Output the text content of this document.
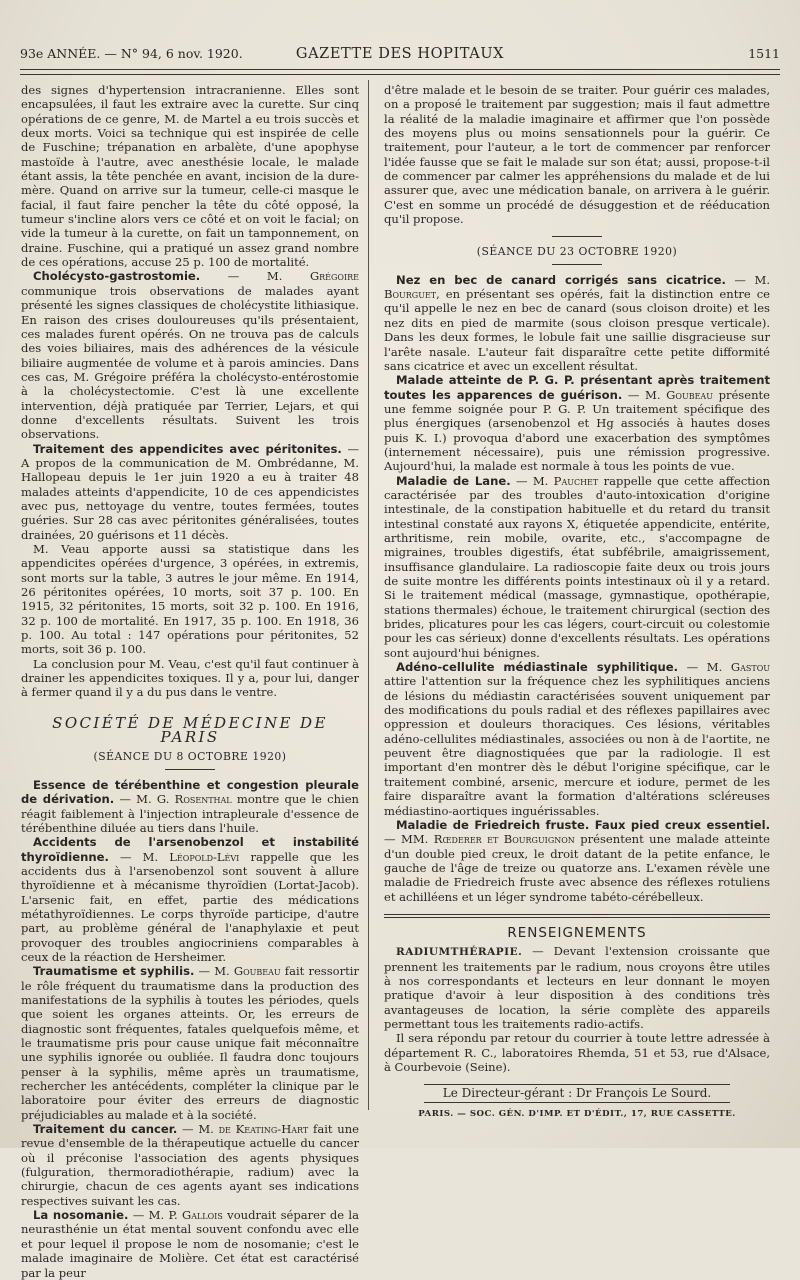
93e ANNÉE. — N° 94, 6 nov. 1920.	GAZETTE DES HOPITAUX	1511

des signes d'hypertension intracranienne. Elles sont encapsulées, il faut les extraire avec la curette. Sur cinq opérations de ce genre, M. de Martel a eu trois succès et deux morts. Voici sa technique qui est inspirée de celle de Fuschine; trépanation en arbalète, d'une apophyse mastoïde à l'autre, avec anesthésie locale, le malade étant assis, la tête penchée en avant, incision de la dure-mère. Quand on arrive sur la tumeur, celle-ci masque le facial, il faut faire pencher la tête du côté opposé, la tumeur s'incline alors vers ce côté et on voit le facial; on vide la tumeur à la curette, on fait un tamponnement, on draine. Fuschine, qui a pratiqué un assez grand nombre de ces opérations, accuse 25 p. 100 de mortalité.

Cholécysto-gastrostomie. — M. Grégoire communique trois observations de malades ayant présenté les signes classiques de cholécystite lithiasique. En raison des crises douloureuses qu'ils présentaient, ces malades furent opérés. On ne trouva pas de calculs des voies biliaires, mais des adhérences de la vésicule biliaire augmentée de volume et à parois amincies. Dans ces cas, M. Grégoire préféra la cholécysto-entérostomie à la cholécystectomie. C'est là une excellente intervention, déjà pratiquée par Terrier, Lejars, et qui donne d'excellents résultats. Suivent les trois observations.

Traitement des appendicites avec péritonites. — A propos de la communication de M. Ombrédanne, M. Hallopeau depuis le 1er juin 1920 a eu à traiter 48 malades atteints d'appendicite, 10 de ces appendicistes avec pus, nettoyage du ventre, toutes fermées, toutes guéries. Sur 28 cas avec péritonites généralisées, toutes drainées, 20 guérisons et 11 décès.

M. Veau apporte aussi sa statistique dans les appendicites opérées d'urgence, 3 opérées, in extremis, sont morts sur la table, 3 autres le jour même. En 1914, 26 péritonites opérées, 10 morts, soit 37 p. 100. En 1915, 32 péritonites, 15 morts, soit 32 p. 100. En 1916, 32 p. 100 de mortalité. En 1917, 35 p. 100. En 1918, 36 p. 100. Au total : 147 opérations pour péritonites, 52 morts, soit 36 p. 100.

La conclusion pour M. Veau, c'est qu'il faut continuer à drainer les appendicites toxiques. Il y a, pour lui, danger à fermer quand il y a du pus dans le ventre.

SOCIÉTÉ DE MÉDECINE DE PARIS
(SÉANCE DU 8 OCTOBRE 1920)

Essence de térébenthine et congestion pleurale de dérivation. — M. G. Rosenthal montre que le chien réagit faiblement à l'injection intrapleurale d'essence de térébenthine diluée au tiers dans l'huile.

Accidents de l'arsenobenzol et instabilité thyroïdienne. — M. Léopold-Lévi rappelle que les accidents dus à l'arsenobenzol sont souvent à allure thyroïdienne et à mécanisme thyroïdien (Lortat-Jacob). L'arsenic fait, en effet, partie des médications métathyroïdiennes. Le corps thyroïde participe, d'autre part, au problème général de l'anaphylaxie et peut provoquer des troubles angiocriniens comparables à ceux de la réaction de Hersheimer.

Traumatisme et syphilis. — M. Goubeau fait ressortir le rôle fréquent du traumatisme dans la production des manifestations de la syphilis à toutes les périodes, quels que soient les organes atteints. Or, les erreurs de diagnostic sont fréquentes, fatales quelquefois même, et le traumatisme pris pour cause unique fait méconnaître une syphilis ignorée ou oubliée. Il faudra donc toujours penser à la syphilis, même après un traumatisme, rechercher les antécédents, compléter la clinique par le laboratoire pour éviter des erreurs de diagnostic préjudiciables au malade et à la société.

Traitement du cancer. — M. de Keating-Hart fait une revue d'ensemble de la thérapeutique actuelle du cancer où il préconise l'association des agents physiques (fulguration, thermoradiothérapie, radium) avec la chirurgie, chacun de ces agents ayant ses indications respectives suivant les cas.

La nosomanie. — M. P. Gallois voudrait séparer de la neurasthénie un état mental souvent confondu avec elle et pour lequel il propose le nom de nosomanie; c'est le malade imaginaire de Molière. Cet état est caractérisé par la peur

d'être malade et le besoin de se traiter. Pour guérir ces malades, on a proposé le traitement par suggestion; mais il faut admettre la réalité de la maladie imaginaire et affirmer que l'on possède des moyens plus ou moins sensationnels pour la guérir. Ce traitement, pour l'auteur, a le tort de commencer par renforcer l'idée fausse que se fait le malade sur son état; aussi, propose-t-il de commencer par calmer les appréhensions du malade et de lui assurer que, avec une médication banale, on arrivera à le guérir. C'est en somme un procédé de désuggestion et de rééducation qu'il propose.

(SÉANCE DU 23 OCTOBRE 1920)

Nez en bec de canard corrigés sans cicatrice. — M. Bourguet, en présentant ses opérés, fait la distinction entre ce qu'il appelle le nez en bec de canard (sous cloison droite) et les nez dits en pied de marmite (sous cloison presque verticale). Dans les deux formes, le lobule fait une saillie disgracieuse sur l'arête nasale. L'auteur fait disparaître cette petite difformité sans cicatrice et avec un excellent résultat.

Malade atteinte de P. G. P. présentant après traitement toutes les apparences de guérison. — M. Goubeau présente une femme soignée pour P. G. P. Un traitement spécifique des plus énergiques (arsenobenzol et Hg associés à hautes doses puis K. I.) provoqua d'abord une exacerbation des symptômes (internement nécessaire), puis une rémission progressive. Aujourd'hui, la malade est normale à tous les points de vue.

Maladie de Lane. — M. Pauchet rappelle que cette affection caractérisée par des troubles d'auto-intoxication d'origine intestinale, de la constipation habituelle et du retard du transit intestinal constaté aux rayons X, étiquetée appendicite, entérite, arthritisme, rein mobile, ovarite, etc., s'accompagne de migraines, troubles digestifs, état subfébrile, amaigrissement, insuffisance glandulaire. La radioscopie faite deux ou trois jours de suite montre les différents points intestinaux où il y a retard. Si le traitement médical (massage, gymnastique, opothérapie, stations thermales) échoue, le traitement chirurgical (section des brides, plicatures pour les cas légers, court-circuit ou colestomie pour les cas sérieux) donne d'excellents résultats. Les opérations sont aujourd'hui bénignes.

Adéno-cellulite médiastinale syphilitique. — M. Gastou attire l'attention sur la fréquence chez les syphilitiques anciens de lésions du médiastin caractérisées souvent uniquement par des modifications du pouls radial et des réflexes papillaires avec oppression et douleurs thoraciques. Ces lésions, véritables adéno-cellulites médiastinales, associées ou non à de l'aortite, ne peuvent être diagnostiquées que par la radiologie. Il est important d'en montrer dès le début l'origine spécifique, car le traitement combiné, arsenic, mercure et iodure, permet de les faire disparaître avant la formation d'altérations scléreuses médiastino-aortiques inguérissables.

Maladie de Friedreich fruste. Faux pied creux essentiel. — MM. Rœderer et Bourguignon présentent une malade atteinte d'un double pied creux, le droit datant de la petite enfance, le gauche de l'âge de treize ou quatorze ans. L'examen révèle une maladie de Friedreich fruste avec absence des réflexes rotuliens et achilléens et un léger syndrome tabéto-cérébelleux.

RENSEIGNEMENTS

RADIUMTHÉRAPIE. — Devant l'extension croissante que prennent les traitements par le radium, nous croyons être utiles à nos correspondants et lecteurs en leur donnant le moyen pratique d'avoir à leur disposition à des conditions très avantageuses de location, la série complète des appareils permettant tous les traitements radio-actifs.

Il sera répondu par retour du courrier à toute lettre adressée à département R. C., laboratoires Rhemda, 51 et 53, rue d'Alsace, à Courbevoie (Seine).

Le Directeur-gérant : Dr François Le Sourd.
PARIS. — SOC. GÉN. D'IMP. ET D'ÉDIT., 17, RUE CASSETTE.
